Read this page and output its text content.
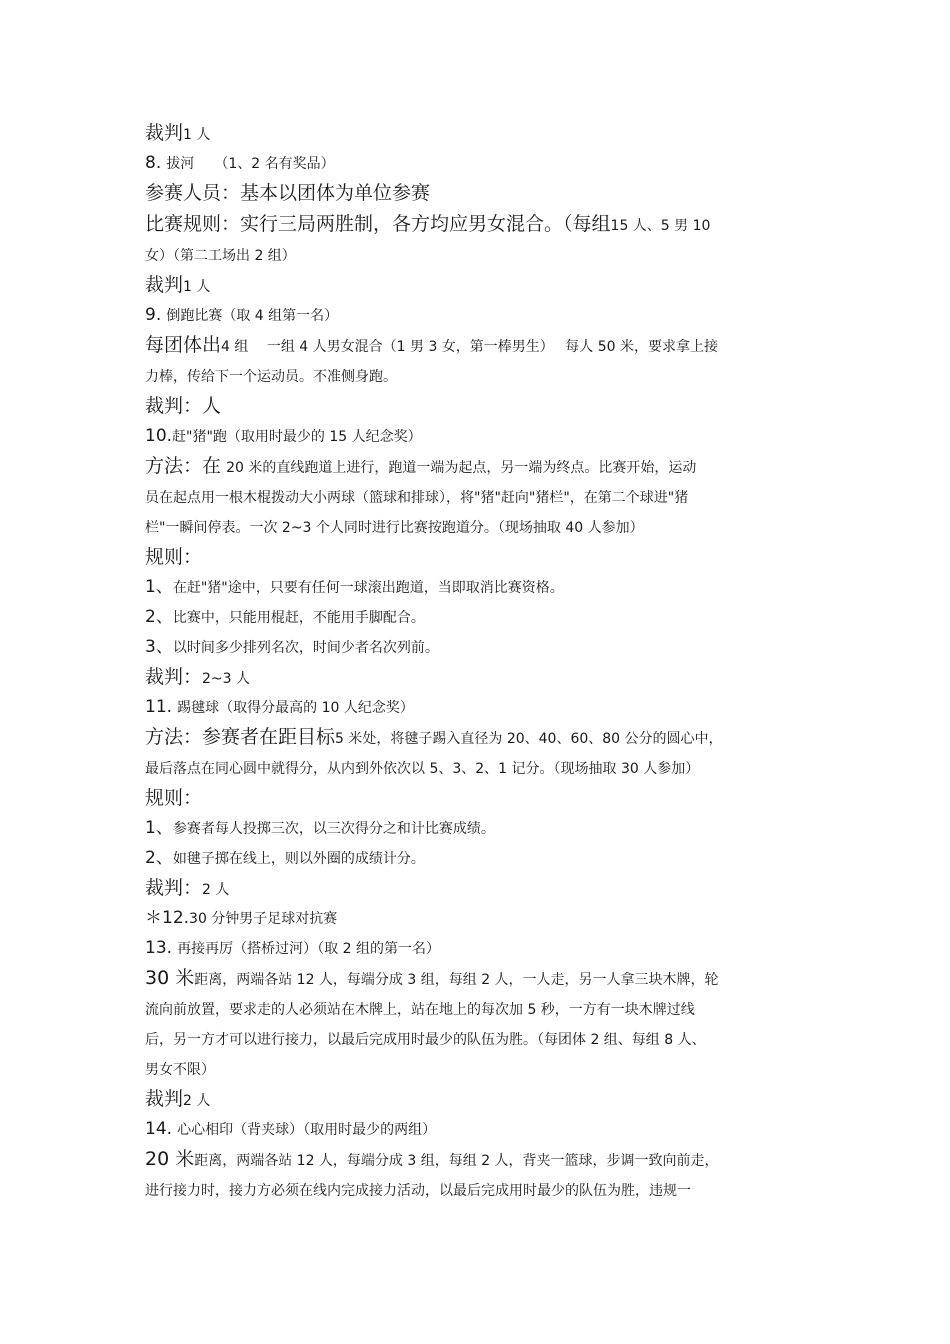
裁判1 人
8. 拔河 （1、2 名有奖品）
参赛人员：基本以团体为单位参赛
比赛规则：实行三局两胜制，各方均应男女混合。（每组15 人、5 男 10
女）（第二工场出 2 组）
裁判1 人
9. 倒跑比赛（取 4 组第一名）
每团体出4 组　 一组 4 人男女混合（1 男 3 女，第一棒男生）　 每人 50 米，要求拿上接
力棒，传给下一个运动员。不准侧身跑。
裁判：人
10.赶"猪"跑（取用时最少的 15 人纪念奖）
方法：在 20 米的直线跑道上进行，跑道一端为起点，另一端为终点。比赛开始，运动
员在起点用一根木棍拨动大小两球（篮球和排球），将"猪"赶向"猪栏"，在第二个球进"猪
栏"一瞬间停表。一次 2~3 个人同时进行比赛按跑道分。（现场抽取 40 人参加）
规则：
1、在赶"猪"途中，只要有任何一球滚出跑道，当即取消比赛资格。
2、比赛中，只能用棍赶，不能用手脚配合。
3、以时间多少排列名次，时间少者名次列前。
裁判：2~3 人
11. 踢毽球（取得分最高的 10 人纪念奖）
方法：参赛者在距目标5 米处，将毽子踢入直径为 20、40、60、80 公分的圆心中，
最后落点在同心圆中就得分，从内到外依次以 5、3、2、1 记分。（现场抽取 30 人参加）
规则：
1、参赛者每人投掷三次，以三次得分之和计比赛成绩。
2、如毽子掷在线上，则以外圈的成绩计分。
裁判：2 人
＊12.30 分钟男子足球对抗赛
13. 再接再厉（搭桥过河）（取 2 组的第一名）
30 米距离，两端各站 12 人，每端分成 3 组，每组 2 人，一人走，另一人拿三块木牌，轮
流向前放置，要求走的人必须站在木牌上，站在地上的每次加 5 秒，一方有一块木牌过线
后，另一方才可以进行接力，以最后完成用时最少的队伍为胜。（每团体 2 组、每组 8 人、
男女不限）
裁判2 人
14. 心心相印（背夹球）（取用时最少的两组）
20 米距离，两端各站 12 人，每端分成 3 组，每组 2 人，背夹一篮球，步调一致向前走，
进行接力时，接力方必须在线内完成接力活动，以最后完成用时最少的队伍为胜，违规一
